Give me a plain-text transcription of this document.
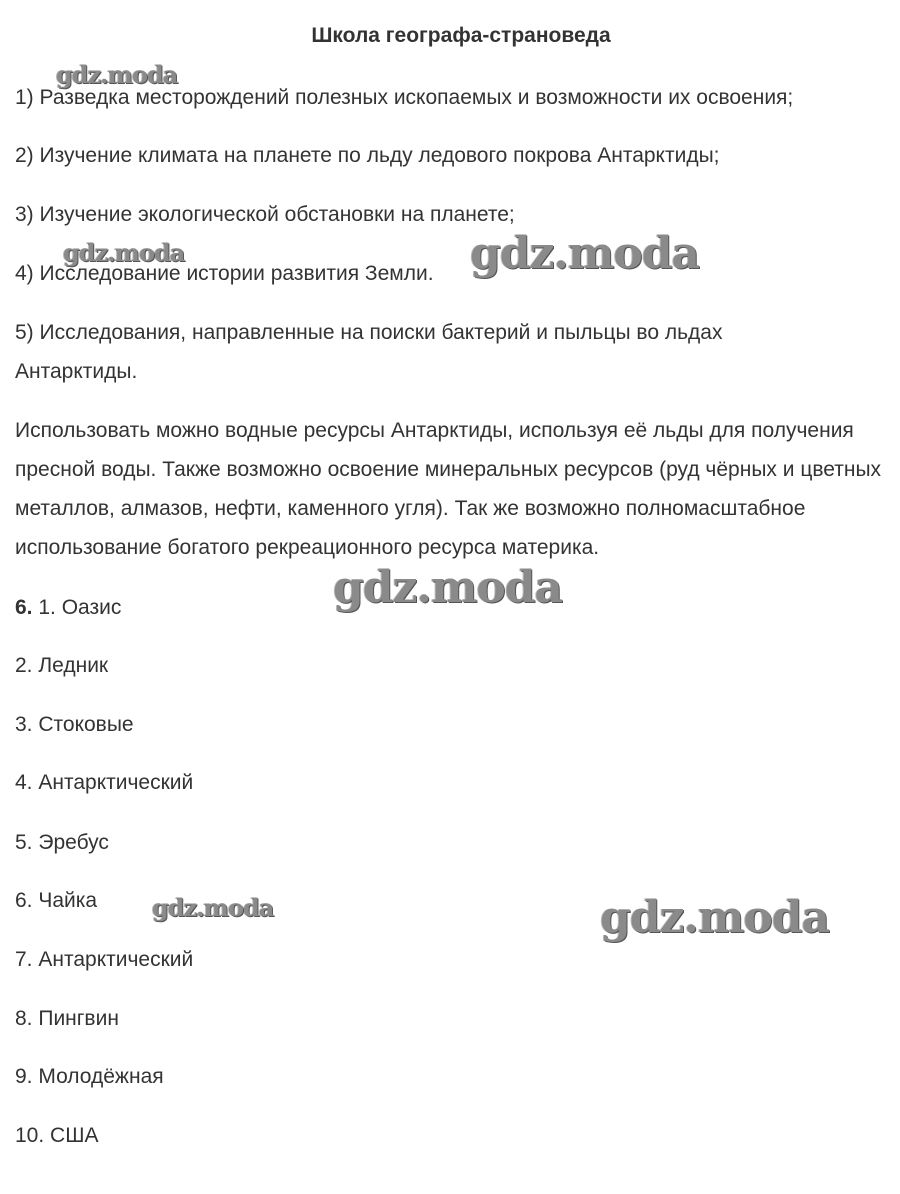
Школа географа-страноведа

1) Разведка месторождений полезных ископаемых и возможности их освоения;

2) Изучение климата на планете по льду ледового покрова Антарктиды;

3) Изучение экологической обстановки на планете;

4) Исследование истории развития Земли.

5) Исследования, направленные на поиски бактерий и пыльцы во льдах Антарктиды.

Использовать можно водные ресурсы Антарктиды, используя её льды для получения пресной воды. Также возможно освоение минеральных ресурсов (руд чёрных и цветных металлов, алмазов, нефти, каменного угля). Так же возможно полномасштабное использование богатого рекреационного ресурса материка.

6. 1. Оазис

2. Ледник

3. Стоковые

4. Антарктический

5. Эребус

6. Чайка

7. Антарктический

8. Пингвин

9. Молодёжная

10. США

gdz.moda
gdz.moda	gdz.moda
gdz.moda
gdz.moda	gdz.moda
